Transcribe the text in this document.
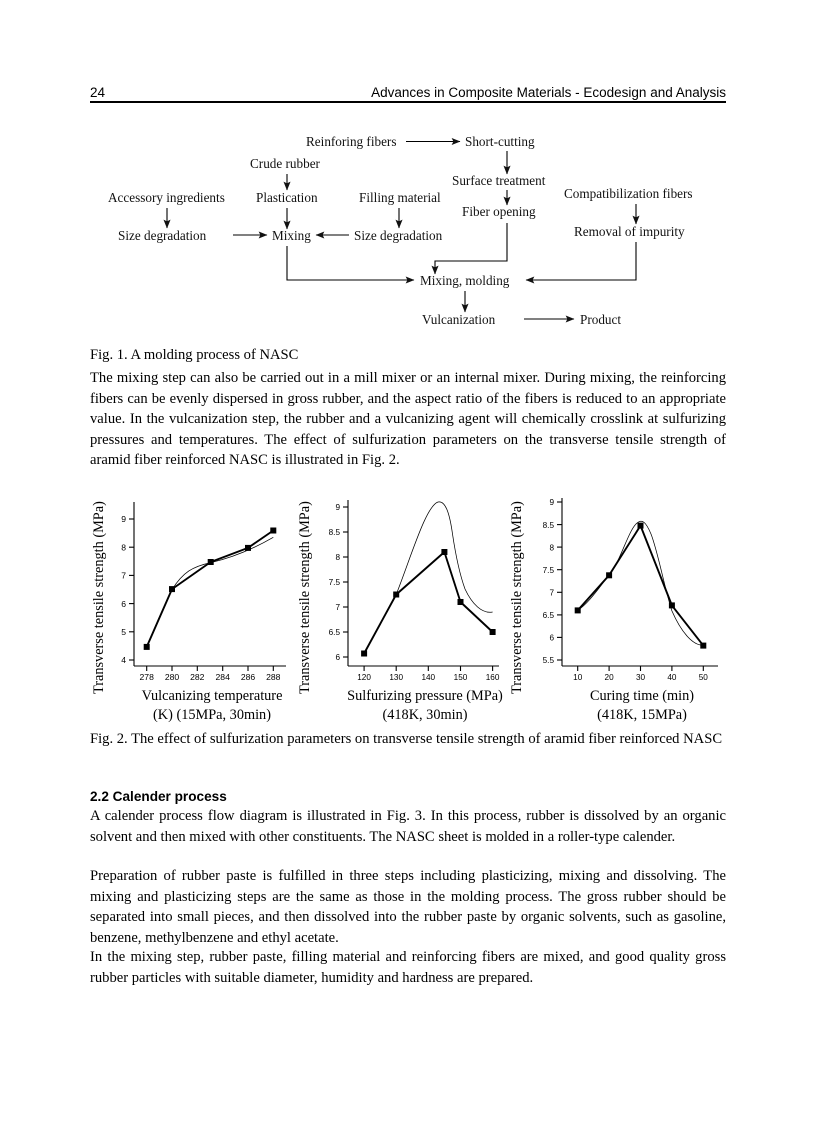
24	Advances in Composite Materials - Ecodesign and Analysis
Reinforing fibers	Short-cutting
Crude rubber
Surface treatment
Compatibilization fibers
Accessory ingredients Plastication	Filling material
Fiber opening
Size degradation	Mixing	Size degradation	Removal of impurity
Mixing, molding
Vulcanization	Product
Fig. 1. A molding process of NASC
The mixing step can also be carried out in a mill mixer or an internal mixer. During mixing, the reinforcing fibers can be evenly dispersed in gross rubber, and the aspect ratio of the fibers is reduced to an appropriate value. In the vulcanization step, the rubber and a vulcanizing agent will chemically crosslink at sulfurizing pressures and temperatures. The effect of sulfurization parameters on the transverse tensile strength of aramid fiber reinforced NASC is illustrated in Fig. 2.
Transverse tensile strength (MPa) 4
5
6
7
8
9
278 280 282 284 286 288
Vulcanizing temperature
(K) (15MPa, 30min)
Transverse tensile strength (MPa)	6
6.5
7
7.5
8
8.5
9
120 130 140 150 160
Sulfurizing pressure (MPa)
(418K, 30min)
Transverse tensile strength (MPa) 5.5
6
6.5
7
7.5
8
8.5
9
10	20	30	40	50
Curing time (min)
(418K, 15MPa)
Fig. 2. The effect of sulfurization parameters on transverse tensile strength of aramid fiber reinforced NASC
2.2 Calender process
A calender process flow diagram is illustrated in Fig. 3. In this process, rubber is dissolved by an organic solvent and then mixed with other constituents. The NASC sheet is molded in a roller-type calender.
Preparation of rubber paste is fulfilled in three steps including plasticizing, mixing and dissolving. The mixing and plasticizing steps are the same as those in the molding process. The gross rubber should be separated into small pieces, and then dissolved into the rubber paste by organic solvents, such as gasoline, benzene, methylbenzene and ethyl acetate.
In the mixing step, rubber paste, filling material and reinforcing fibers are mixed, and good quality gross rubber particles with suitable diameter, humidity and hardness are prepared.
